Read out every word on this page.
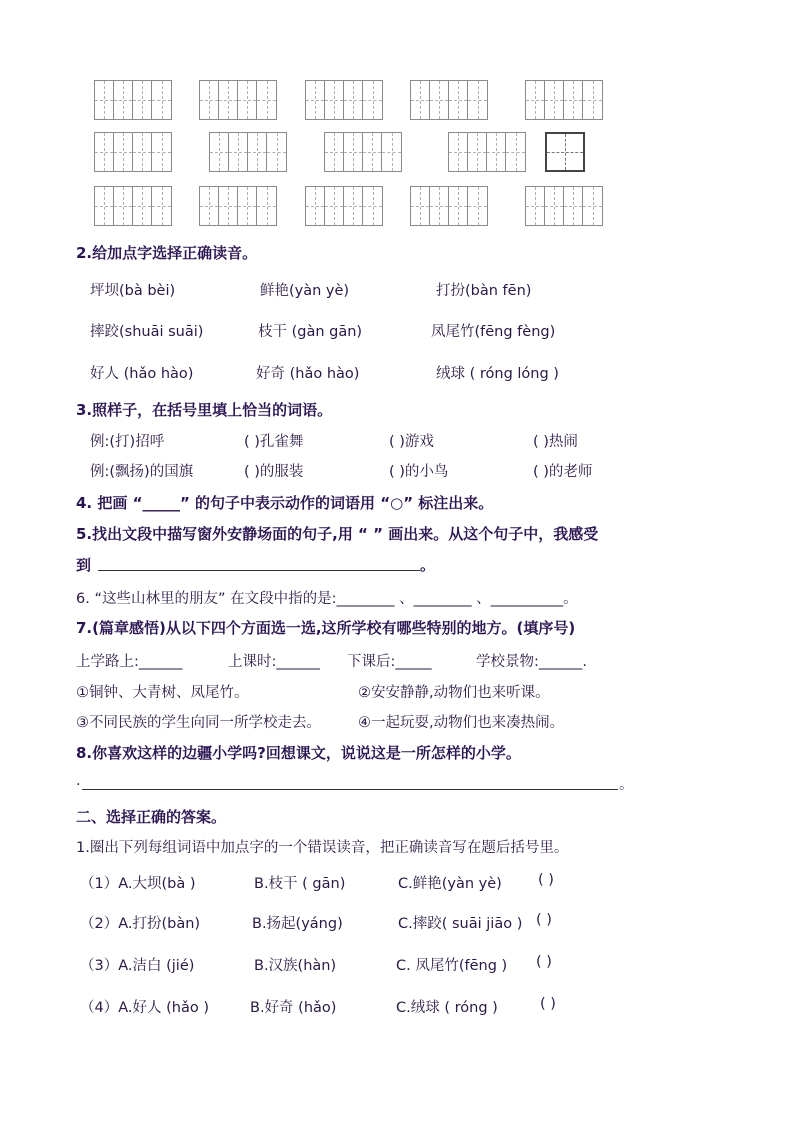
2.给加点字选择正确读音。
坪坝(bà bèi)	鲜艳(yàn yè)	打扮(bàn fēn)
摔跤(shuāi suāi)	枝干 (gàn gān)	凤尾竹(fēng fèng)
好人 (hǎo hào)	好奇 (hǎo hào)	绒球 ( róng lóng )
3.照样子，在括号里填上恰当的词语。
例:(打)招呼	( )孔雀舞	( )游戏	( )热闹
例:(飘扬)的国旗	( )的服装	( )的小鸟	( )的老师
4. 把画 “_____” 的句子中表示动作的词语用 “○” 标注出来。
5.找出文段中描写窗外安静场面的句子,用 “ ” 画出来。从这个句子中，我感受
到	。
6. “这些山林里的朋友” 在文段中指的是:________ 、________ 、__________。
7.(篇章感悟)从以下四个方面选一选,这所学校有哪些特别的地方。(填序号)
上学路上:______	上课时:______ 下课后:_____	学校景物:______.
①铜钟、大青树、凤尾竹。	②安安静静,动物们也来听课。
③不同民族的学生向同一所学校走去。	④一起玩耍,动物们也来凑热闹。
8.你喜欢这样的边疆小学吗?回想课文，说说这是一所怎样的小学。
.	。
二、选择正确的答案。
1.圈出下列每组词语中加点字的一个错误读音，把正确读音写在题后括号里。
（1）A.大坝(bà )	B.枝干 ( gān)	C.鲜艳(yàn yè) ( )
（2）A.打扮(bàn)	B.扬起(yáng)	C.摔跤( suāi jiāo ) ( )
（3）A.洁白 (jié)	B.汉族(hàn)	C. 凤尾竹(fēng ) ( )
（4）A.好人 (hǎo )	B.好奇 (hǎo)	C.绒球 ( róng )	( )
